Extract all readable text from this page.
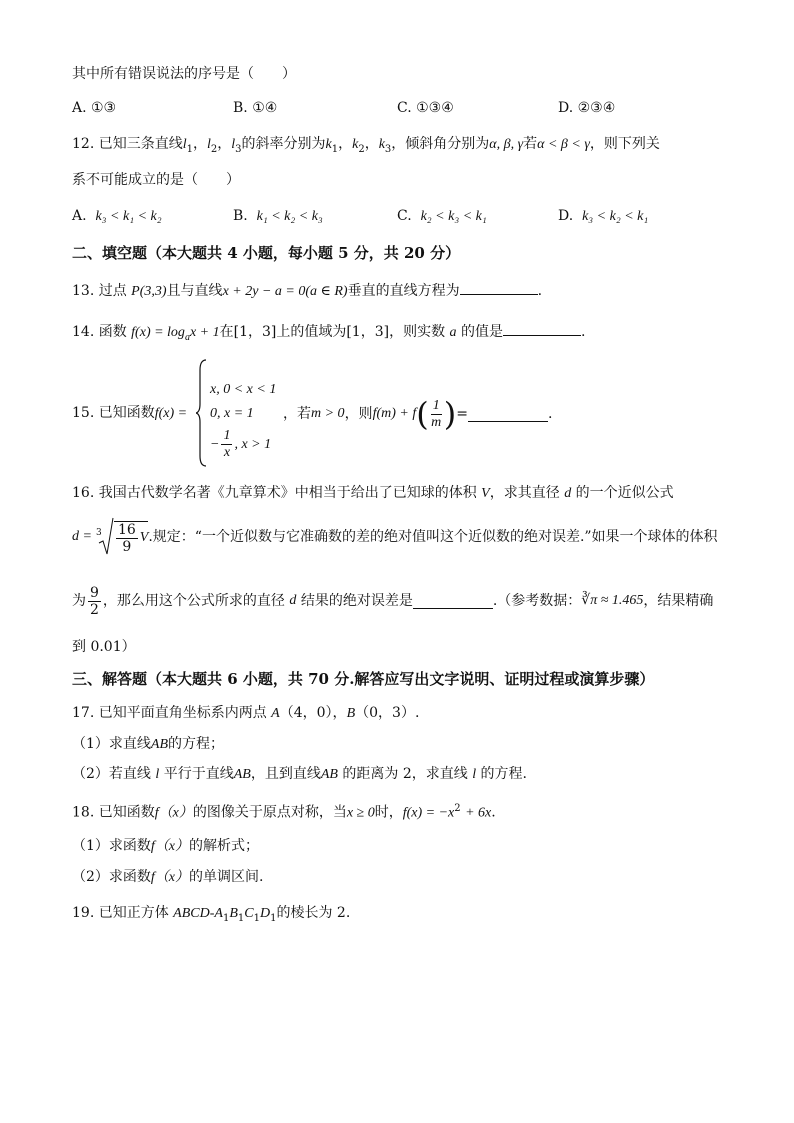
其中所有错误说法的序号是（　　）
A. ①③	B. ①④	C. ①③④	D. ②③④
12. 已知三条直线$l_1$，$l_2$，$l_3$的斜率分别为$k_1$，$k_2$，$k_3$，倾斜角分别为α, β, γ若α < β < γ，则下列关
系不可能成立的是（　　）
A. k₃ < k₁ < k₂	B. k₁ < k₂ < k₃	C. k₂ < k₃ < k₁	D. k₃ < k₂ < k₁
二、填空题（本大题共 4 小题，每小题 5 分，共 20 分）
13. 过点 P(3,3)且与直线x + 2y − a = 0(a ∈ R)垂直的直线方程为	.
14. 函数 $f(x) = \log_ax + 1$在[1，3]上的值域为[1，3]，则实数 a 的值是	.
15. 已知函数f(x) =
x, 0 < x < 1
0, x = 1
− $\frac{1}{x}$ , x > 1
，若 m > 0 ，则 f(m) + f ( $\frac{1}{m}$ ) =	.
16. 我国古代数学名著《九章算术》中相当于给出了已知球的体积 V，求其直径 d 的一个近似公式
$d = 3 \frac{16}{9}$ V .规定：“一个近似数与它准确数的差的绝对值叫这个近似数的绝对误差.”如果一个球体的体积
为 $\frac{9}{2}$ ，那么用这个公式所求的直径
d
结果的绝对误差是	.（参考数据： ∛π ≈ 1.465 ，结果精确
到 0.01）
三、解答题（本大题共 6 小题，共 70 分.解答应写出文字说明、证明过程或演算步骤）
17. 已知平面直角坐标系内两点 A（4，0），B（0，3）.
（1）求直线AB的方程；
（2）若直线 l 平行于直线AB，且到直线AB 的距离为 2，求直线 l 的方程.
18. 已知函数f（x）的图像关于原点对称，当x ≥ 0时，$f(x) = -x^2 + 6x$.
（1）求函数f（x）的解析式；
（2）求函数f（x）的单调区间.
19. 已知正方体 ABCD-$A_1B_1C_1D_1$的棱长为 2.
